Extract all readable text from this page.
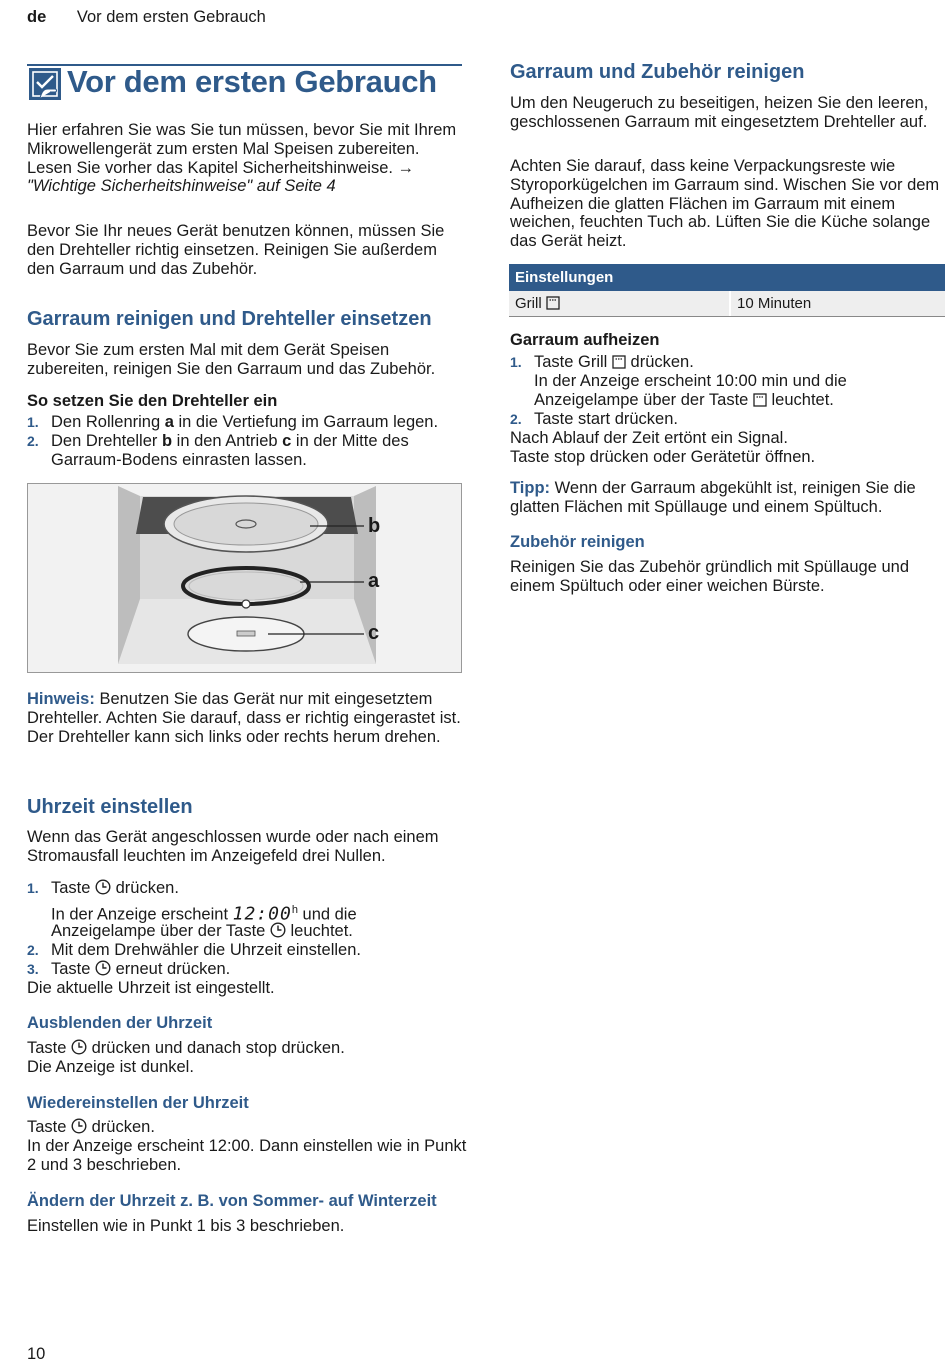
de Vor dem ersten Gebrauch
Vor dem ersten Gebrauch

Hier erfahren Sie was Sie tun müssen, bevor Sie mit Ihrem Mikrowellengerät zum ersten Mal Speisen zubereiten. Lesen Sie vorher das Kapitel Sicherheitshinweise. → "Wichtige Sicherheitshinweise" auf Seite 4

Bevor Sie Ihr neues Gerät benutzen können, müssen Sie den Drehteller richtig einsetzen. Reinigen Sie außerdem den Garraum und das Zubehör.
Garraum reinigen und Drehteller einsetzen
Bevor Sie zum ersten Mal mit dem Gerät Speisen zubereiten, reinigen Sie den Garraum und das Zubehör.
So setzen Sie den Drehteller ein
1. Den Rollenring a in die Vertiefung im Garraum legen.
2. Den Drehteller b in den Antrieb c in der Mitte des Garraum-Bodens einrasten lassen.
b
a
c
Hinweis: Benutzen Sie das Gerät nur mit eingesetztem Drehteller. Achten Sie darauf, dass er richtig eingerastet ist. Der Drehteller kann sich links oder rechts herum drehen.
Uhrzeit einstellen
Wenn das Gerät angeschlossen wurde oder nach einem Stromausfall leuchten im Anzeigefeld drei Nullen.
1. Taste  drücken.
In der Anzeige erscheint 12:00$^h$ und die
Anzeigelampe über der Taste  leuchtet.
2. Mit dem Drehwähler die Uhrzeit einstellen.
3. Taste  erneut drücken.
Die aktuelle Uhrzeit ist eingestellt.
Ausblenden der Uhrzeit
Taste  drücken und danach stop drücken.
Die Anzeige ist dunkel.
Wiedereinstellen der Uhrzeit
Taste  drücken.
In der Anzeige erscheint 12:00. Dann einstellen wie in Punkt 2 und 3 beschrieben.
Ändern der Uhrzeit z. B. von Sommer- auf Winterzeit
Einstellen wie in Punkt 1 bis 3 beschrieben.
Garraum und Zubehör reinigen
Um den Neugeruch zu beseitigen, heizen Sie den leeren, geschlossenen Garraum mit eingesetztem Drehteller auf.
Achten Sie darauf, dass keine Verpackungsreste wie Styroporkügelchen im Garraum sind. Wischen Sie vor dem Aufheizen die glatten Flächen im Garraum mit einem weichen, feuchten Tuch ab. Lüften Sie die Küche solange das Gerät heizt.
Einstellungen
Grill		10 Minuten
Garraum aufheizen
1. Taste Grill  drücken.
In der Anzeige erscheint 10:00 min und die
Anzeigelampe über der Taste  leuchtet.
2. Taste start drücken.
Nach Ablauf der Zeit ertönt ein Signal.
Taste stop drücken oder Gerätetür öffnen.
Tipp: Wenn der Garraum abgekühlt ist, reinigen Sie die glatten Flächen mit Spüllauge und einem Spültuch.
Zubehör reinigen
Reinigen Sie das Zubehör gründlich mit Spüllauge und einem Spültuch oder einer weichen Bürste.
10
